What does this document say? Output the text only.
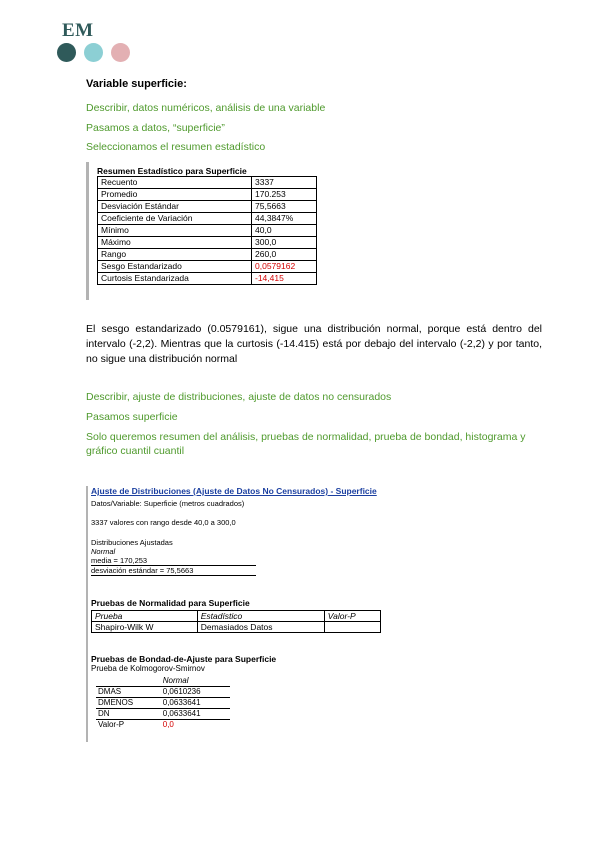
EM
Variable superficie:

Describir, datos numéricos, análisis de una variable

Pasamos a datos, “superficie”

Seleccionamos el resumen estadístico

Resumen Estadístico para Superficie
Recuento	3337
Promedio	170.253
Desviación Estándar	75,5663
Coeficiente de Variación	44,3847%
Mínimo	40,0
Máximo	300,0
Rango	260,0
Sesgo Estandarizado	0,0579162
Curtosis Estandarizada	-14,415

El sesgo estandarizado (0.0579161), sigue una distribución normal, porque está dentro del intervalo (-2,2). Mientras que la curtosis (-14.415) está por debajo del intervalo (-2,2) y por tanto, no sigue una distribución normal

Describir, ajuste de distribuciones, ajuste de datos no censurados

Pasamos superficie

Solo queremos resumen del análisis, pruebas de normalidad, prueba de bondad, histograma y gráfico cuantil cuantil

Ajuste de Distribuciones (Ajuste de Datos No Censurados) - Superficie
Datos/Variable: Superficie (metros cuadrados)
3337 valores con rango desde 40,0 a 300,0
Distribuciones Ajustadas
Normal
media = 170,253
desviación estándar = 75,5663
Pruebas de Normalidad para Superficie
Prueba	Estadístico	Valor-P
Shapiro-Wilk W	Demasiados Datos	
Pruebas de Bondad-de-Ajuste para Superficie
Prueba de Kolmogorov-Smirnov
	Normal
DMAS	0,0610236
DMENOS	0,0633641
DN	0,0633641
Valor-P	0,0
